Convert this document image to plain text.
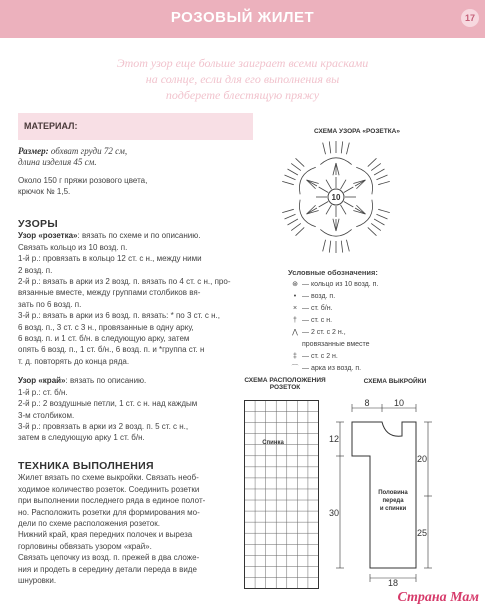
РОЗОВЫЙ ЖИЛЕТ	17
Этот узор еще больше заиграет всеми красками
на солнце, если для его выполнения вы
подберете блестящую пряжу
МАТЕРИАЛ:

Размер: обхват груди 72 см,

длина изделия 45 см.

Около 150 г пряжи розового цвета,

крючок № 1,5.

УЗОРЫ

Узор «розетка»: вязать по схеме и по описанию.

Связать кольцо из 10 возд. п.

1-й р.: провязать в кольцо 12 ст. с н., между ними

2 возд. п.

2-й р.: вязать в арки из 2 возд. п. вязать по 4 ст. с н., про-

вязанные вместе, между группами столбиков вя-

зать по 6 возд. п.

3-й р.: вязать в арки из 6 возд. п. вязать: * по 3 ст. с н.,

6 возд. п., 3 ст. с 3 н., провязанные в одну арку,

6 возд. п. и 1 ст. б/н. в следующую арку, затем

опять 6 возд. п., 1 ст. б/н., 6 возд. п. и *группа ст. н

т. д. повторять до конца ряда.

Узор «край»: вязать по описанию.

1-й р.: ст. б/н.

2-й р.: 2 воздушные петли, 1 ст. с н. над каждым

3-м столбиком.

3-й р.: провязать в арки из 2 возд. п. 5 ст. с н.,

затем в следующую арку 1 ст. б/н.

ТЕХНИКА ВЫПОЛНЕНИЯ

Жилет вязать по схеме выкройки. Связать необ-

ходимое количество розеток. Соединить розетки

при выполнении последнего ряда в единое полот-

но. Расположить розетки для формирования мо-

дели по схеме расположения розеток.

Нижний край, края передних полочек и выреза

горловины обвязать узором «край».

Связать цепочку из возд. п. прежей в два сложе-

ния и продеть в середину детали переда в виде

шнуровки.

СХЕМА УЗОРА «РОЗЕТКА»
10
Условные обозначения:
⊛ — кольцо из 10 возд. п.
• — возд. п.
× — ст. б/н.
† — ст. с н.
⋀ — 2 ст. с 2 н.,
провязанные вместе
‡ — ст. с 2 н.
⌒ — арка из возд. п.
СХЕМА РАСПОЛОЖЕНИЯ
РОЗЕТОК
Спинка
СХЕМА ВЫКРОЙКИ
8	10
12
20
30
25
18
Половина
переда
и спинки
Страна Мам
